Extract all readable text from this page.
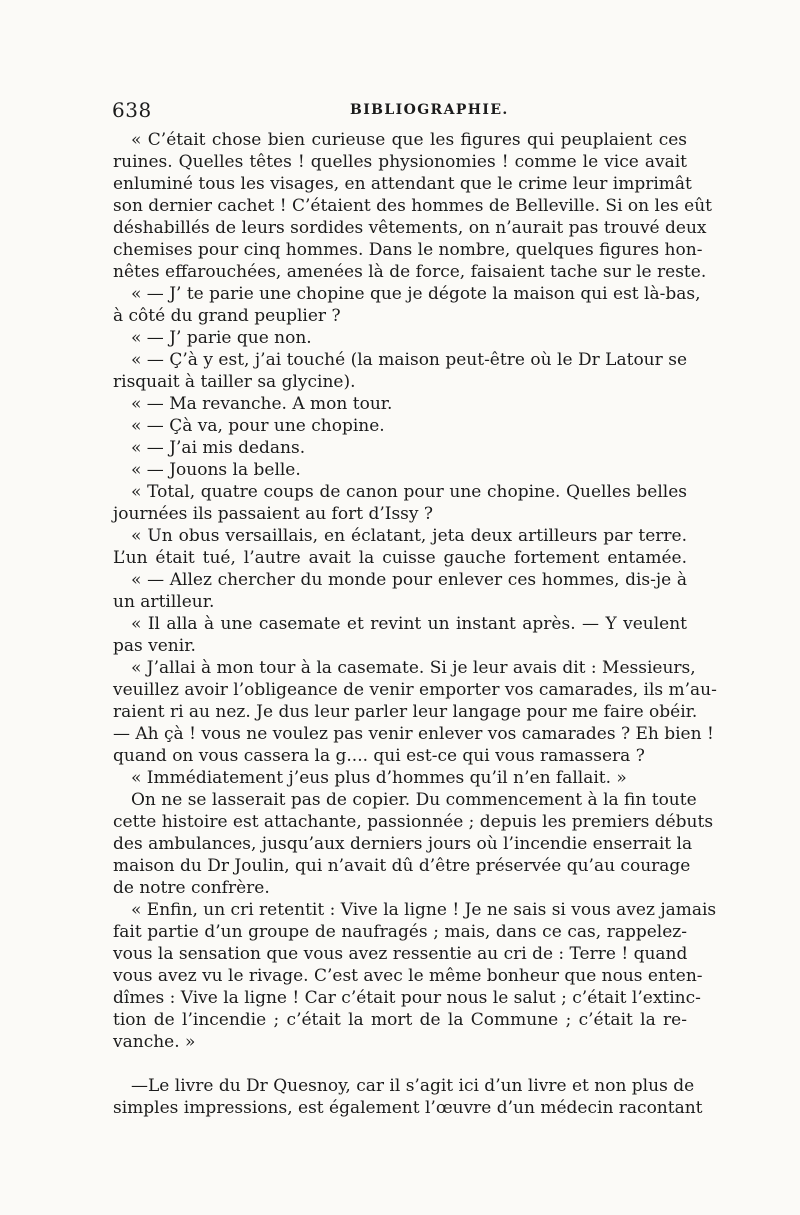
638	BIBLIOGRAPHIE.
« C’était chose bien curieuse que les figures qui peuplaient ces
ruines. Quelles têtes ! quelles physionomies ! comme le vice avait
enluminé tous les visages, en attendant que le crime leur imprimât
son dernier cachet ! C’étaient des hommes de Belleville. Si on les eût
déshabillés de leurs sordides vêtements, on n’aurait pas trouvé deux
chemises pour cinq hommes. Dans le nombre, quelques figures hon-
nêtes effarouchées, amenées là de force, faisaient tache sur le reste.
« — J’ te parie une chopine que je dégote la maison qui est là-bas,
à côté du grand peuplier ?
« — J’ parie que non.
« — Ç’à y est, j’ai touché (la maison peut-être où le Dr Latour se
risquait à tailler sa glycine).
« — Ma revanche. A mon tour.
« — Çà va, pour une chopine.
« — J’ai mis dedans.
« — Jouons la belle.
« Total, quatre coups de canon pour une chopine. Quelles belles
journées ils passaient au fort d’Issy ?
« Un obus versaillais, en éclatant, jeta deux artilleurs par terre.
L’un était tué, l’autre avait la cuisse gauche fortement entamée.
« — Allez chercher du monde pour enlever ces hommes, dis-je à
un artilleur.
« Il alla à une casemate et revint un instant après. — Y veulent
pas venir.
« J’allai à mon tour à la casemate. Si je leur avais dit : Messieurs,
veuillez avoir l’obligeance de venir emporter vos camarades, ils m’au-
raient ri au nez. Je dus leur parler leur langage pour me faire obéir.
— Ah çà ! vous ne voulez pas venir enlever vos camarades ? Eh bien !
quand on vous cassera la g.... qui est-ce qui vous ramassera ?
« Immédiatement j’eus plus d’hommes qu’il n’en fallait. »
On ne se lasserait pas de copier. Du commencement à la fin toute
cette histoire est attachante, passionnée ; depuis les premiers débuts
des ambulances, jusqu’aux derniers jours où l’incendie enserrait la
maison du Dr Joulin, qui n’avait dû d’être préservée qu’au courage
de notre confrère.
« Enfin, un cri retentit : Vive la ligne ! Je ne sais si vous avez jamais
fait partie d’un groupe de naufragés ; mais, dans ce cas, rappelez-
vous la sensation que vous avez ressentie au cri de : Terre ! quand
vous avez vu le rivage. C’est avec le même bonheur que nous enten-
dîmes : Vive la ligne ! Car c’était pour nous le salut ; c’était l’extinc-
tion de l’incendie ; c’était la mort de la Commune ; c’était la re-
vanche. »
—Le livre du Dr Quesnoy, car il s’agit ici d’un livre et non plus de
simples impressions, est également l’œuvre d’un médecin racontant
